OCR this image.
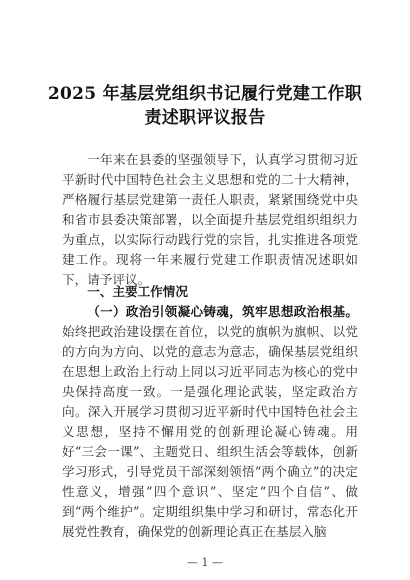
2025 年基层党组织书记履行党建工作职
责述职评议报告

一年来在县委的坚强领导下，认真学习贯彻习近平新时代中国特色社会主义思想和党的二十大精神，严格履行基层党建第一责任人职责，紧紧围绕党中央和省市县委决策部署，以全面提升基层党组织组织力为重点，以实际行动践行党的宗旨，扎实推进各项党建工作。现将一年来履行党建工作职责情况述职如下，请予评议。

一、主要工作情况

（一）政治引领凝心铸魂，筑牢思想政治根基。始终把政治建设摆在首位，以党的旗帜为旗帜、以党的方向为方向、以党的意志为意志，确保基层党组织在思想上政治上行动上同以习近平同志为核心的党中央保持高度一致。一是强化理论武装，坚定政治方向。深入开展学习贯彻习近平新时代中国特色社会主义思想，坚持不懈用党的创新理论凝心铸魂。用好“三会一课”、主题党日、组织生活会等载体，创新学习形式，引导党员干部深刻领悟“两个确立”的决定性意义，增强“四个意识”、坚定“四个自信”、做到“两个维护”。定期组织集中学习和研讨，常态化开展党性教育，确保党的创新理论真正在基层入脑

— 1 —
